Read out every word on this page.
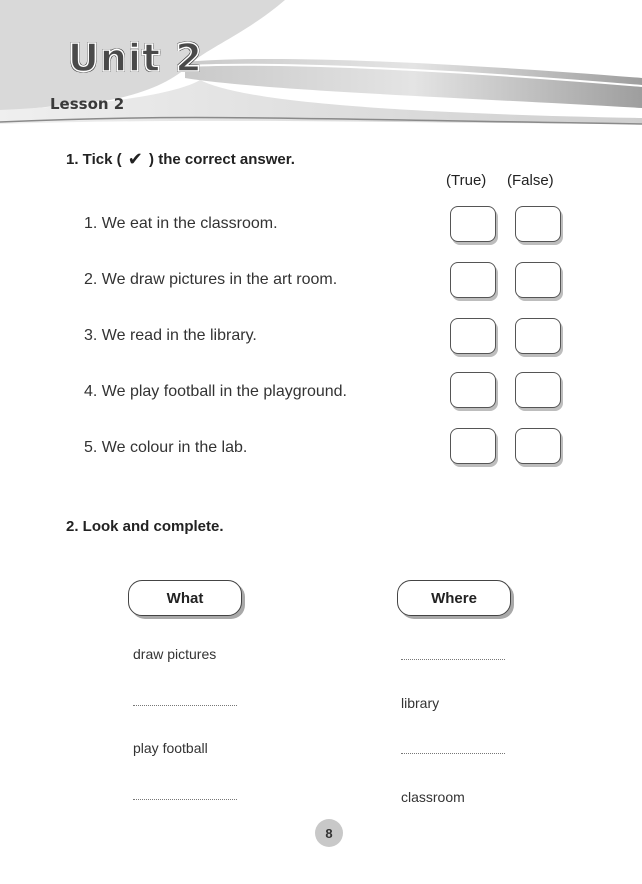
Unit 2
Lesson 2
1. Tick ( ✔ ) the correct answer.
(True) (False)
1. We eat in the classroom.
2. We draw pictures in the art room.
3. We read in the library.
4. We play football in the playground.
5. We colour in the lab.
2. Look and complete.
What	Where
draw pictures
library
play football
classroom
8
